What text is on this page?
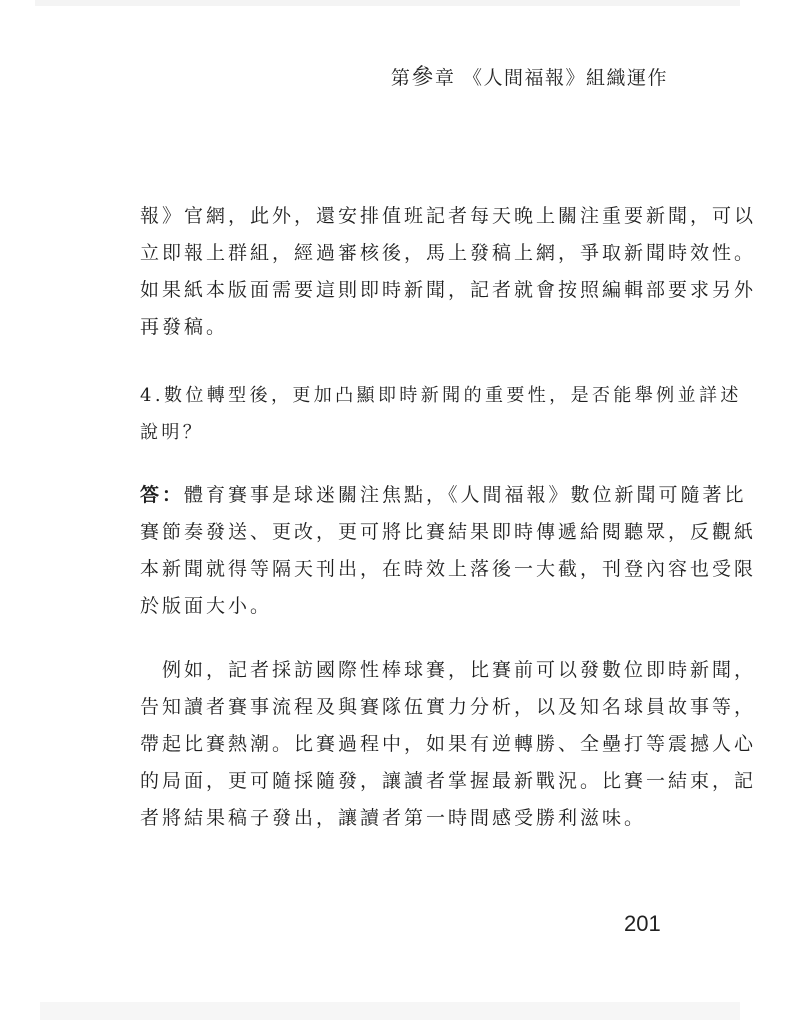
第參章 《人間福報》組織運作
報》官網，此外，還安排值班記者每天晚上關注重要新聞，可以
立即報上群組，經過審核後，馬上發稿上網，爭取新聞時效性。
如果紙本版面需要這則即時新聞，記者就會按照編輯部要求另外
再發稿。
4.數位轉型後，更加凸顯即時新聞的重要性，是否能舉例並詳述
說明？
答：體育賽事是球迷關注焦點，《人間福報》數位新聞可隨著比
賽節奏發送、更改，更可將比賽結果即時傳遞給閱聽眾，反觀紙
本新聞就得等隔天刊出，在時效上落後一大截，刊登內容也受限
於版面大小。
　例如，記者採訪國際性棒球賽，比賽前可以發數位即時新聞，
告知讀者賽事流程及與賽隊伍實力分析，以及知名球員故事等，
帶起比賽熱潮。比賽過程中，如果有逆轉勝、全壘打等震撼人心
的局面，更可隨採隨發，讓讀者掌握最新戰況。比賽一結束，記
者將結果稿子發出，讓讀者第一時間感受勝利滋味。
201
